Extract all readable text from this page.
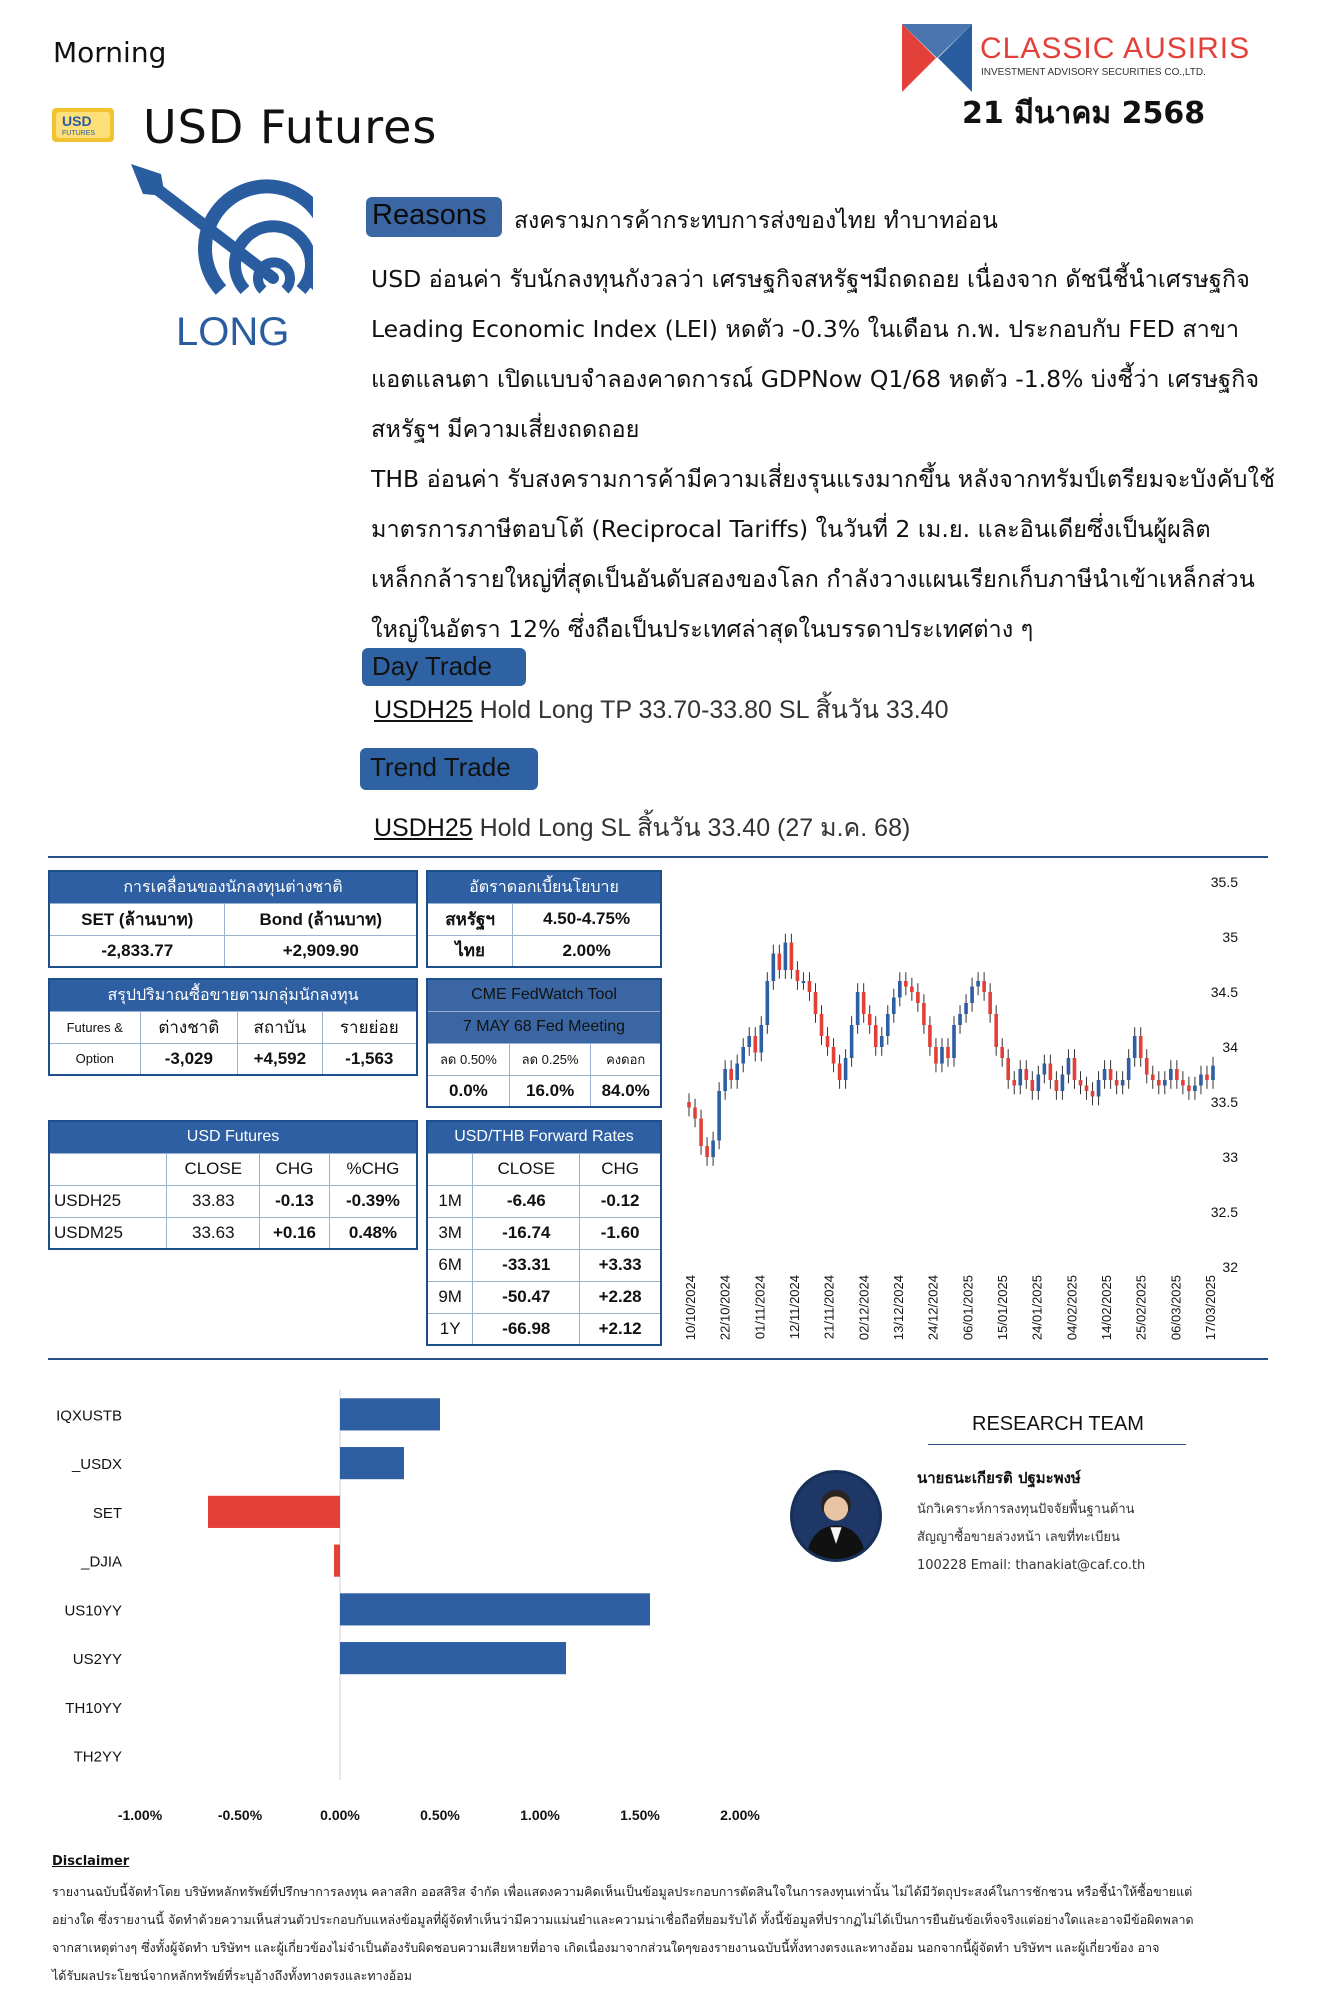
Morning
USD
FUTURES USD Futures
CLASSIC AUSIRIS
INVESTMENT ADVISORY SECURITIES CO.,LTD.
21 มีนาคม 2568
LONG
Reasons	สงครามการค้ากระทบการส่งของไทย ทำบาทอ่อน
USD อ่อนค่า รับนักลงทุนกังวลว่า เศรษฐกิจสหรัฐฯมีถดถอย เนื่องจาก ดัชนีชี้นำเศรษฐกิจ
Leading Economic Index (LEI) หดตัว -0.3% ในเดือน ก.พ. ประกอบกับ FED สาขา
แอตแลนตา เปิดแบบจำลองคาดการณ์ GDPNow Q1/68 หดตัว -1.8% บ่งชี้ว่า เศรษฐกิจ
สหรัฐฯ มีความเสี่ยงถดถอย
THB อ่อนค่า รับสงครามการค้ามีความเสี่ยงรุนแรงมากขึ้น หลังจากทรัมป์เตรียมจะบังคับใช้
มาตรการภาษีตอบโต้ (Reciprocal Tariffs) ในวันที่ 2 เม.ย. และอินเดียซึ่งเป็นผู้ผลิต
เหล็กกล้ารายใหญ่ที่สุดเป็นอันดับสองของโลก กำลังวางแผนเรียกเก็บภาษีนำเข้าเหล็กส่วน
ใหญ่ในอัตรา 12% ซึ่งถือเป็นประเทศล่าสุดในบรรดาประเทศต่าง ๆ
Day Trade
USDH25 Hold Long TP 33.70-33.80 SL สิ้นวัน 33.40
Trend Trade
USDH25 Hold Long SL สิ้นวัน 33.40 (27 ม.ค. 68)
การเคลื่อนของนักลงทุนต่างชาติ	
SET (ล้านบาท)	Bond (ล้านบาท)
-2,833.77	+2,909.90
อัตราดอกเบี้ยนโยบาย	
สหรัฐฯ	4.50-4.75%
ไทย	2.00%
สรุปปริมาณซื้อขายตามกลุ่มนักลงทุน			
Futures &	ต่างชาติ	สถาบัน	รายย่อย
Option	-3,029	+4,592	-1,563
CME FedWatch Tool		
7 MAY 68 Fed Meeting		
ลด 0.50%	ลด 0.25%	คงดอก
0.0%	16.0%	84.0%
USD Futures			
	CLOSE	CHG	%CHG
USDH25	33.83	-0.13	-0.39%
USDM25	33.63	+0.16	0.48%
USD/THB Forward Rates		
	CLOSE	CHG
1M	-6.46	-0.12
3M	-16.74	-1.60
6M	-33.31	+3.33
9M	-50.47	+2.28
1Y	-66.98	+2.12
35.5
35
34.5
34
33.5
33
32.5
32
10/10/2024 22/10/2024 01/11/2024 12/11/2024 21/11/2024 02/12/2024 13/12/2024 24/12/2024 06/01/2025 15/01/2025 24/01/2025 04/02/2025 14/02/2025 25/02/2025 06/03/2025 17/03/2025
IQXUSTB
_USDX
SET
_DJIA
US10YY
US2YY
TH10YY
TH2YY
-1.00%	-0.50%	0.00%	0.50%	1.00%	1.50%	2.00%
RESEARCH TEAM
นายธนะเกียรติ ปฐมะพงษ์
นักวิเคราะห์การลงทุนปัจจัยพื้นฐานด้าน
สัญญาซื้อขายล่วงหน้า เลขที่ทะเบียน
100228 Email: thanakiat@caf.co.th
Disclaimer
รายงานฉบับนี้จัดทำโดย บริษัทหลักทรัพย์ที่ปรึกษาการลงทุน คลาสสิก ออสสิริส จำกัด เพื่อแสดงความคิดเห็นเป็นข้อมูลประกอบการตัดสินใจในการลงทุนเท่านั้น ไม่ได้มีวัตถุประสงค์ในการชักชวน หรือชี้นำให้ซื้อขายแต่
อย่างใด ซึ่งรายงานนี้ จัดทำด้วยความเห็นส่วนตัวประกอบกับแหล่งข้อมูลที่ผู้จัดทำเห็นว่ามีความแม่นยำและความน่าเชื่อถือที่ยอมรับได้ ทั้งนี้ข้อมูลที่ปรากฏไม่ได้เป็นการยืนยันข้อเท็จจริงแต่อย่างใดและอาจมีข้อผิดพลาด
จากสาเหตุต่างๆ ซึ่งทั้งผู้จัดทำ บริษัทฯ และผู้เกี่ยวข้องไม่จำเป็นต้องรับผิดชอบความเสียหายที่อาจ เกิดเนื่องมาจากส่วนใดๆของรายงานฉบับนี้ทั้งทางตรงและทางอ้อม นอกจากนี้ผู้จัดทำ บริษัทฯ และผู้เกี่ยวข้อง อาจ
ได้รับผลประโยชน์จากหลักทรัพย์ที่ระบุอ้างถึงทั้งทางตรงและทางอ้อม
